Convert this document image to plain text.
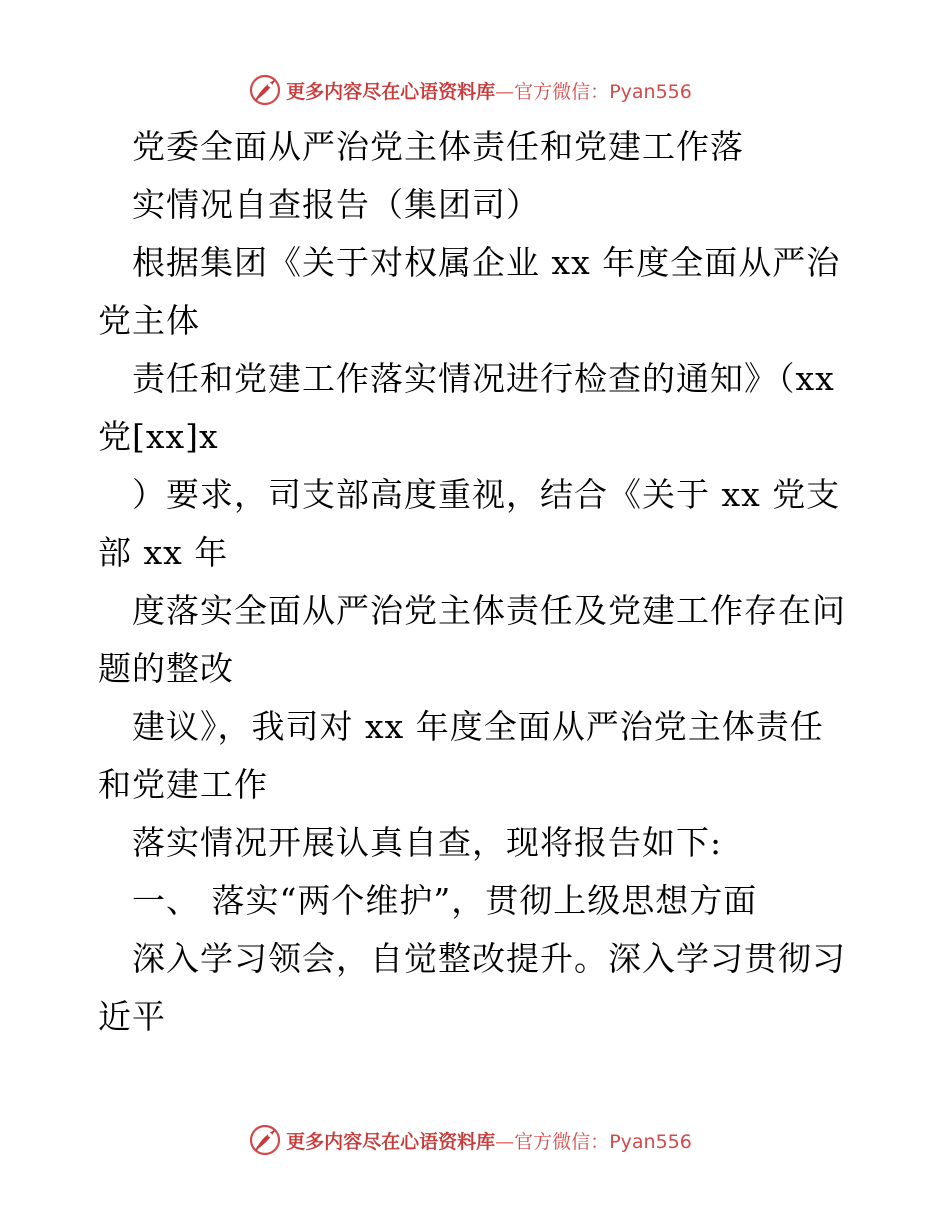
更多内容尽在心语资料库—官方微信：Pyan556
　党委全面从严治党主体责任和党建工作落
　实情况自查报告（集团司）
　根据集团《关于对权属企业 xx 年度全面从严治
党主体
　责任和党建工作落实情况进行检查的通知》（xx
党[xx]x
　）要求，司支部高度重视，结合《关于 xx 党支
部 xx 年
　度落实全面从严治党主体责任及党建工作存在问
题的整改
　建议》，我司对 xx 年度全面从严治党主体责任
和党建工作
　落实情况开展认真自查，现将报告如下:
　一、 落实“两个维护”，贯彻上级思想方面
　深入学习领会，自觉整改提升。深入学习贯彻习
近平
更多内容尽在心语资料库—官方微信：Pyan556
